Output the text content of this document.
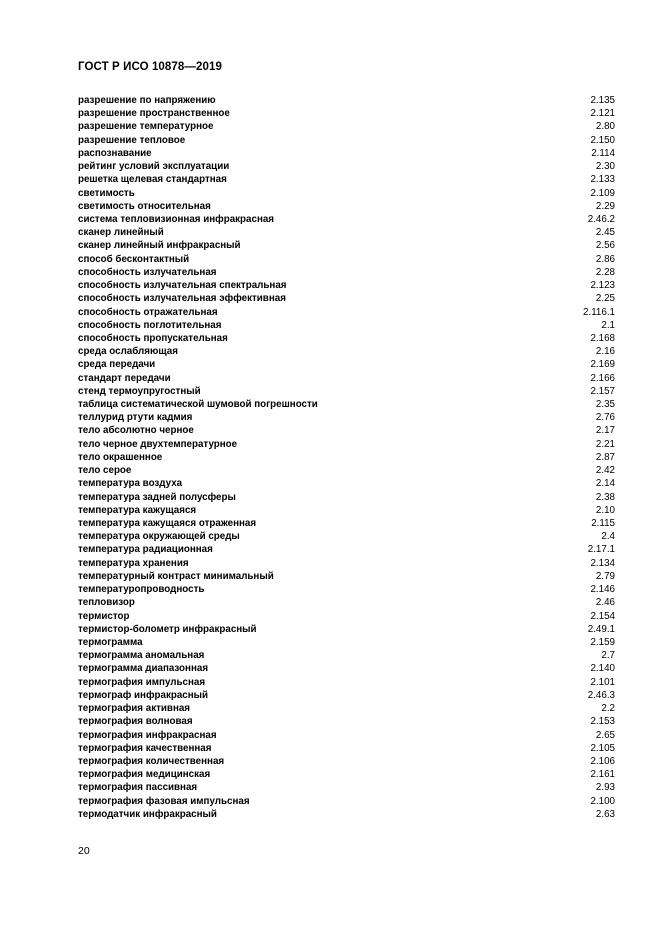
ГОСТ Р ИСО 10878—2019
разрешение по напряжению	2.135
разрешение пространственное	2.121
разрешение температурное	2.80
разрешение тепловое	2.150
распознавание	2.114
рейтинг условий эксплуатации	2.30
решетка щелевая стандартная	2.133
светимость	2.109
светимость относительная	2.29
система тепловизионная инфракрасная	2.46.2
сканер линейный	2.45
сканер линейный инфракрасный	2.56
способ бесконтактный	2.86
способность излучательная	2.28
способность излучательная спектральная	2.123
способность излучательная эффективная	2.25
способность отражательная	2.116.1
способность поглотительная	2.1
способность пропускательная	2.168
среда ослабляющая	2.16
среда передачи	2.169
стандарт передачи	2.166
стенд термоупругостный	2.157
таблица систематической шумовой погрешности	2.35
теллурид ртути кадмия	2.76
тело абсолютно черное	2.17
тело черное двухтемпературное	2.21
тело окрашенное	2.87
тело серое	2.42
температура воздуха	2.14
температура задней полусферы	2.38
температура кажущаяся	2.10
температура кажущаяся отраженная	2.115
температура окружающей среды	2.4
температура радиационная	2.17.1
температура хранения	2.134
температурный контраст минимальный	2.79
температуропроводность	2.146
тепловизор	2.46
термистор	2.154
термистор-болометр инфракрасный	2.49.1
термограмма	2.159
термограмма аномальная	2.7
термограмма диапазонная	2.140
термография импульсная	2.101
термограф инфракрасный	2.46.3
термография активная	2.2
термография волновая	2.153
термография инфракрасная	2.65
термография качественная	2.105
термография количественная	2.106
термография медицинская	2.161
термография пассивная	2.93
термография фазовая импульсная	2.100
термодатчик инфракрасный	2.63
20
